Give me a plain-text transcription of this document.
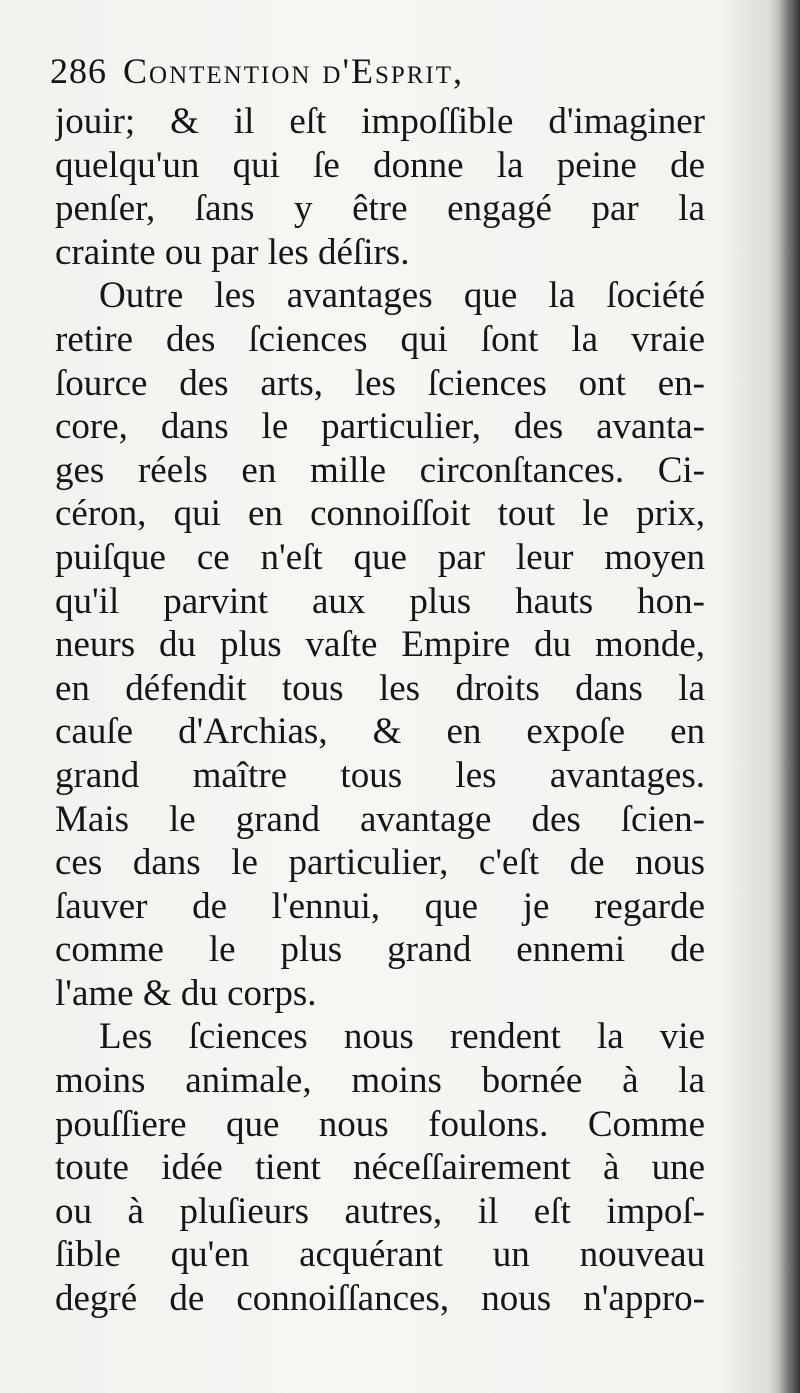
286 Contention d'Esprit,
jouir; & il eſt impoſſible d'imaginer
quelqu'un qui ſe donne la peine de
penſer, ſans y être engagé par la
crainte ou par les déſirs.
Outre les avantages que la ſociété
retire des ſciences qui ſont la vraie
ſource des arts, les ſciences ont en-
core, dans le particulier, des avanta-
ges réels en mille circonſtances. Ci-
céron, qui en connoiſſoit tout le prix,
puiſque ce n'eſt que par leur moyen
qu'il parvint aux plus hauts hon-
neurs du plus vaſte Empire du monde,
en défendit tous les droits dans la
cauſe d'Archias, & en expoſe en
grand maître tous les avantages.
Mais le grand avantage des ſcien-
ces dans le particulier, c'eſt de nous
ſauver de l'ennui, que je regarde
comme le plus grand ennemi de
l'ame & du corps.
Les ſciences nous rendent la vie
moins animale, moins bornée à la
pouſſiere que nous foulons. Comme
toute idée tient néceſſairement à une
ou à pluſieurs autres, il eſt impoſ-
ſible qu'en acquérant un nouveau
degré de connoiſſances, nous n'appro-
